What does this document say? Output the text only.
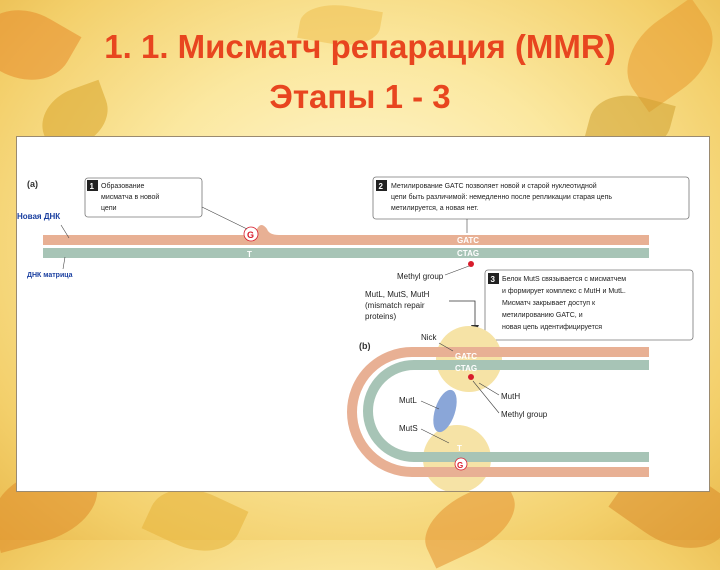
1. 1. Мисматч репарация (MMR)
Этапы 1 - 3
(a)
G
T
GATC
CTAG
Новая ДНК
ДНК матрица
1 Образование
мисматча в новой
цепи
2 Метилирование GATC позволяет новой и старой нуклеотидной
цепи быть различимой: немедленно после репликации старая цепь
метилируется, а новая нет.
Methyl group
MutL, MutS, MutH
(mismatch repair
proteins)
3 Белок MutS связывается с мисматчем
и формирует комплекс с MutH и MutL.
Мисматч закрывает доступ к
метилированию GATC, и
новая цепь идентифицируется
(b)
GATC
CTAG
T
G
Nick
MutL
MutS
MutH
Methyl group
